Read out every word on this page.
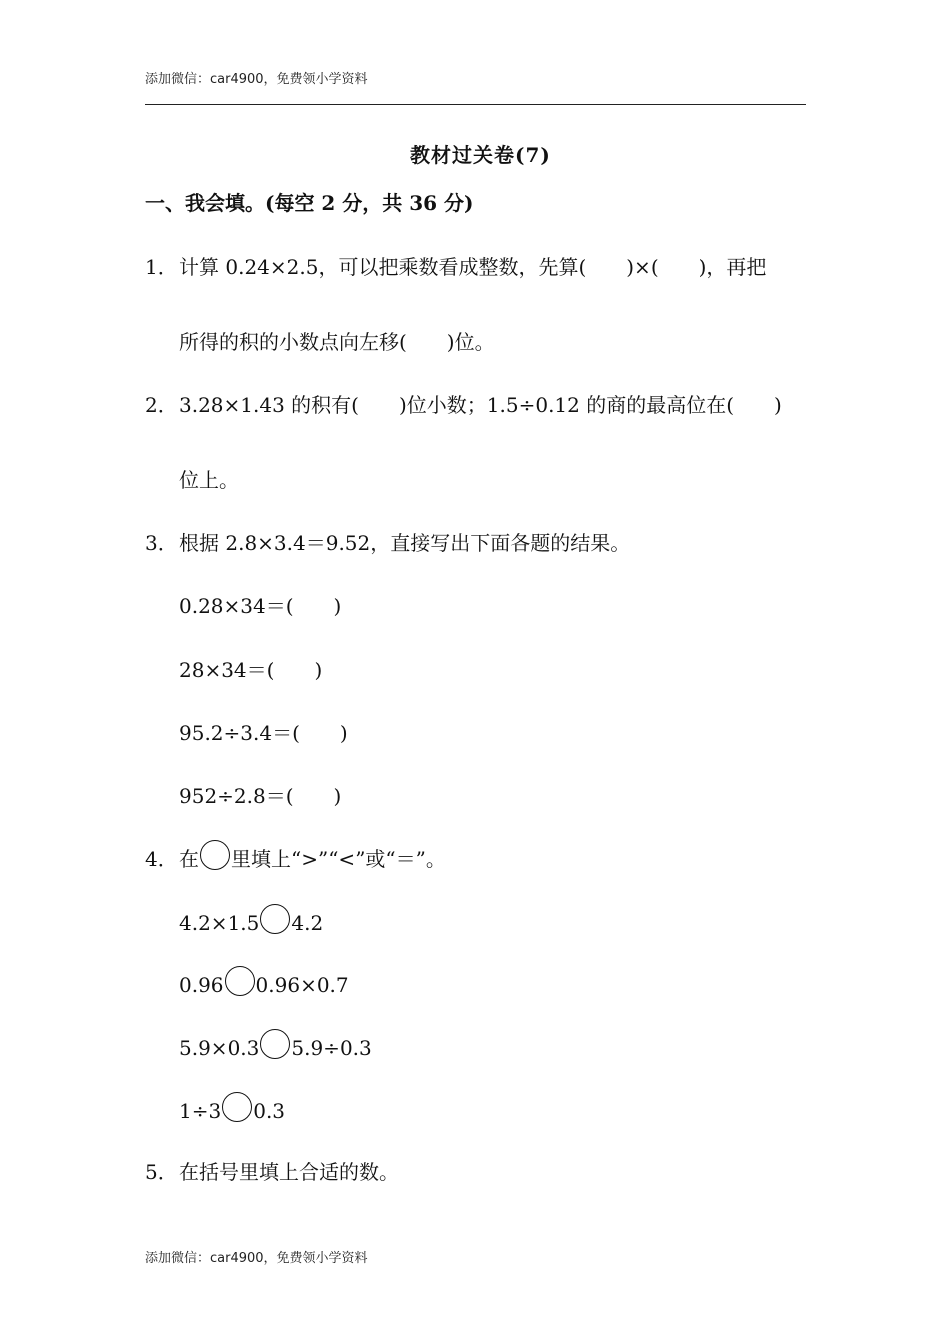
添加微信：car4900，免费领小学资料
教材过关卷(7)
一、我会填。(每空 2 分，共 36 分)
1．计算 0.24×2.5，可以把乘数看成整数，先算(　　)×(　　)，再把
所得的积的小数点向左移(　　)位。
2．3.28×1.43 的积有(　　)位小数；1.5÷0.12 的商的最高位在(　　)
位上。
3．根据 2.8×3.4＝9.52，直接写出下面各题的结果。
0.28×34＝(　　)
28×34＝(　　)
95.2÷3.4＝(　　)
952÷2.8＝(　　)
4．在 里填上“>”“<”或“＝”。
4.2×1.5 4.2
0.96 0.96×0.7
5.9×0.3 5.9÷0.3
1÷3 0.3
5．在括号里填上合适的数。
添加微信：car4900，免费领小学资料
